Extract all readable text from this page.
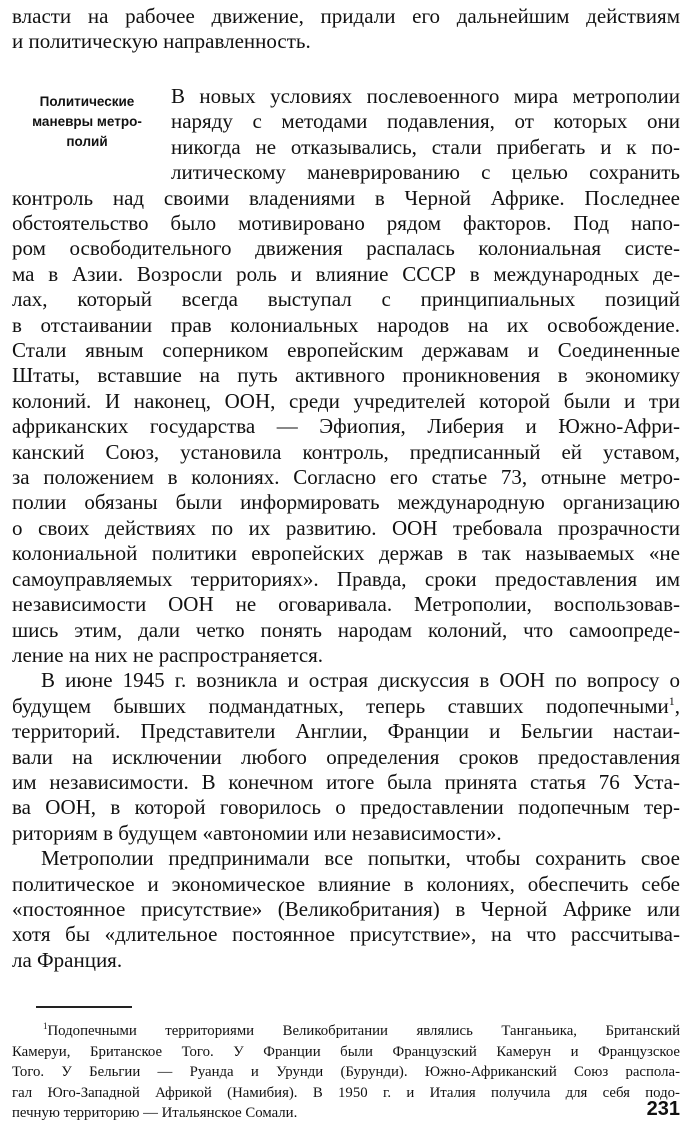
власти на рабочее движение, придали его дальнейшим действиям
и политическую направленность.
Политические
маневры метро-
полий
В новых условиях послевоенного мира метрополии
наряду с методами подавления, от которых они
никогда не отказывались, стали прибегать и к по-
литическому маневрированию с целью сохранить
контроль над своими владениями в Черной Африке. Последнее
обстоятельство было мотивировано рядом факторов. Под напо-
ром освободительного движения распалась колониальная систе-
ма в Азии. Возросли роль и влияние СССР в международных де-
лах, который всегда выступал с принципиальных позиций
в отстаивании прав колониальных народов на их освобождение.
Стали явным соперником европейским державам и Соединенные
Штаты, вставшие на путь активного проникновения в экономику
колоний. И наконец, ООН, среди учредителей которой были и три
африканских государства — Эфиопия, Либерия и Южно-Афри-
канский Союз, установила контроль, предписанный ей уставом,
за положением в колониях. Согласно его статье 73, отныне метро-
полии обязаны были информировать международную организацию
о своих действиях по их развитию. ООН требовала прозрачности
колониальной политики европейских держав в так называемых «не
самоуправляемых территориях». Правда, сроки предоставления им
независимости ООН не оговаривала. Метрополии, воспользовав-
шись этим, дали четко понять народам колоний, что самоопреде-
ление на них не распространяется.
В июне 1945 г. возникла и острая дискуссия в ООН по вопросу о
будущем бывших подмандатных, теперь ставших подопечными$^1$,
территорий. Представители Англии, Франции и Бельгии настаи-
вали на исключении любого определения сроков предоставления
им независимости. В конечном итоге была принята статья 76 Уста-
ва ООН, в которой говорилось о предоставлении подопечным тер-
риториям в будущем «автономии или независимости».
Метрополии предпринимали все попытки, чтобы сохранить свое
политическое и экономическое влияние в колониях, обеспечить себе
«постоянное присутствие» (Великобритания) в Черной Африке или
хотя бы «длительное постоянное присутствие», на что рассчитыва-
ла Франция.
$^1$Подопечными территориями Великобритании являлись Танганьика, Британский
Камеруи, Британское Того. У Франции были Французский Камерун и Французское
Того. У Бельгии — Руанда и Урунди (Бурунди). Южно-Африканский Союз распола-
гал Юго-Западной Африкой (Намибия). В 1950 г. и Италия получила для себя подо-
печную территорию — Итальянское Сомали.	231
